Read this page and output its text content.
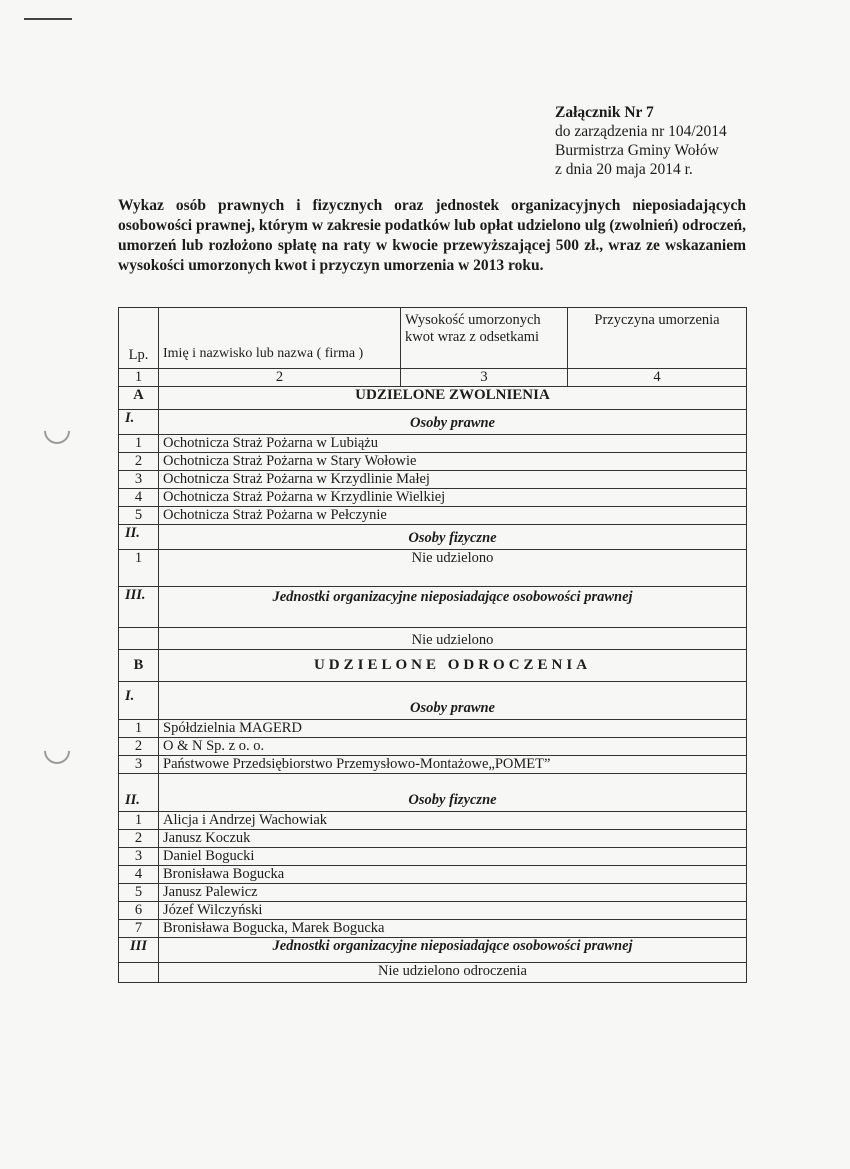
Załącznik Nr 7
do zarządzenia nr 104/2014
Burmistrza Gminy Wołów
z dnia 20 maja 2014 r.
Wykaz osób prawnych i fizycznych oraz jednostek organizacyjnych nieposiadających osobowości prawnej, którym w zakresie podatków lub opłat udzielono ulg (zwolnień) odroczeń, umorzeń lub rozłożono spłatę na raty w kwocie przewyższającej 500 zł., wraz ze wskazaniem wysokości umorzonych kwot i przyczyn umorzenia w 2013 roku.
Lp.	Imię i nazwisko lub nazwa ( firma )	Wysokość umorzonych kwot wraz z odsetkami	Przyczyna umorzenia
1	2	3	4
A	UDZIELONE ZWOLNIENIA		
I.	Osoby prawne		
1	Ochotnicza Straż Pożarna w Lubiążu		
2	Ochotnicza Straż Pożarna w Stary Wołowie		
3	Ochotnicza Straż Pożarna w Krzydlinie Małej		
4	Ochotnicza Straż Pożarna w Krzydlinie Wielkiej		
5	Ochotnicza Straż Pożarna w Pełczynie		
II.	Osoby fizyczne		
1	Nie udzielono		
III.	Jednostki organizacyjne nieposiadające osobowości prawnej		
	Nie udzielono		
B	UDZIELONE ODROCZENIA		
I.	Osoby prawne		
1	Spółdzielnia MAGERD		
2	O & N Sp. z o. o.		
3	Państwowe Przedsiębiorstwo Przemysłowo-Montażowe„POMET”		
II.	Osoby fizyczne		
1	Alicja i Andrzej Wachowiak		
2	Janusz Koczuk		
3	Daniel Bogucki		
4	Bronisława Bogucka		
5	Janusz Palewicz		
6	Józef Wilczyński		
7	Bronisława Bogucka, Marek Bogucka		
III	Jednostki organizacyjne nieposiadające osobowości prawnej		
	Nie udzielono odroczenia		
